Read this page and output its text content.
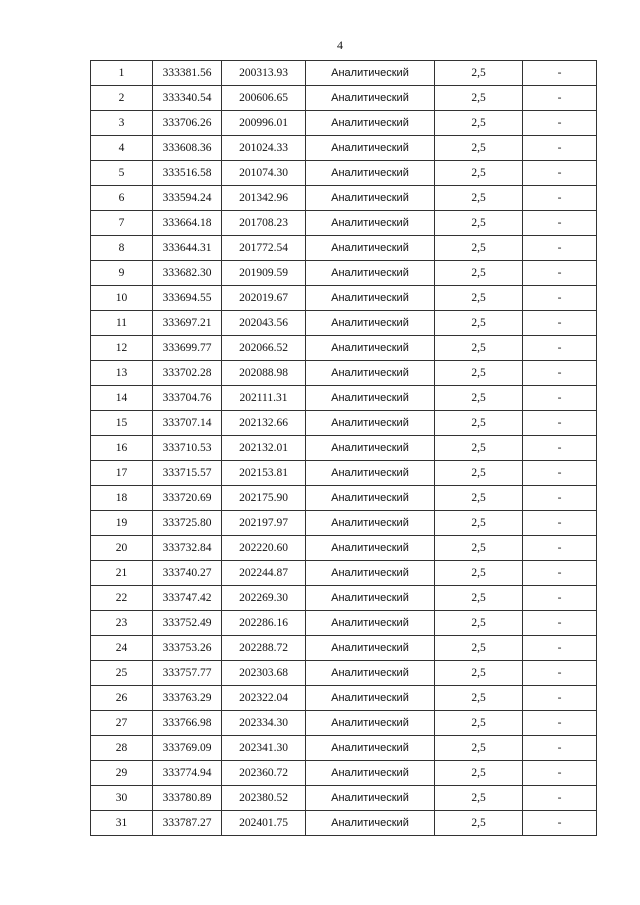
4
1	333381.56	200313.93	Аналитический	2,5	-
2	333340.54	200606.65	Аналитический	2,5	-
3	333706.26	200996.01	Аналитический	2,5	-
4	333608.36	201024.33	Аналитический	2,5	-
5	333516.58	201074.30	Аналитический	2,5	-
6	333594.24	201342.96	Аналитический	2,5	-
7	333664.18	201708.23	Аналитический	2,5	-
8	333644.31	201772.54	Аналитический	2,5	-
9	333682.30	201909.59	Аналитический	2,5	-
10	333694.55	202019.67	Аналитический	2,5	-
11	333697.21	202043.56	Аналитический	2,5	-
12	333699.77	202066.52	Аналитический	2,5	-
13	333702.28	202088.98	Аналитический	2,5	-
14	333704.76	202111.31	Аналитический	2,5	-
15	333707.14	202132.66	Аналитический	2,5	-
16	333710.53	202132.01	Аналитический	2,5	-
17	333715.57	202153.81	Аналитический	2,5	-
18	333720.69	202175.90	Аналитический	2,5	-
19	333725.80	202197.97	Аналитический	2,5	-
20	333732.84	202220.60	Аналитический	2,5	-
21	333740.27	202244.87	Аналитический	2,5	-
22	333747.42	202269.30	Аналитический	2,5	-
23	333752.49	202286.16	Аналитический	2,5	-
24	333753.26	202288.72	Аналитический	2,5	-
25	333757.77	202303.68	Аналитический	2,5	-
26	333763.29	202322.04	Аналитический	2,5	-
27	333766.98	202334.30	Аналитический	2,5	-
28	333769.09	202341.30	Аналитический	2,5	-
29	333774.94	202360.72	Аналитический	2,5	-
30	333780.89	202380.52	Аналитический	2,5	-
31	333787.27	202401.75	Аналитический	2,5	-
